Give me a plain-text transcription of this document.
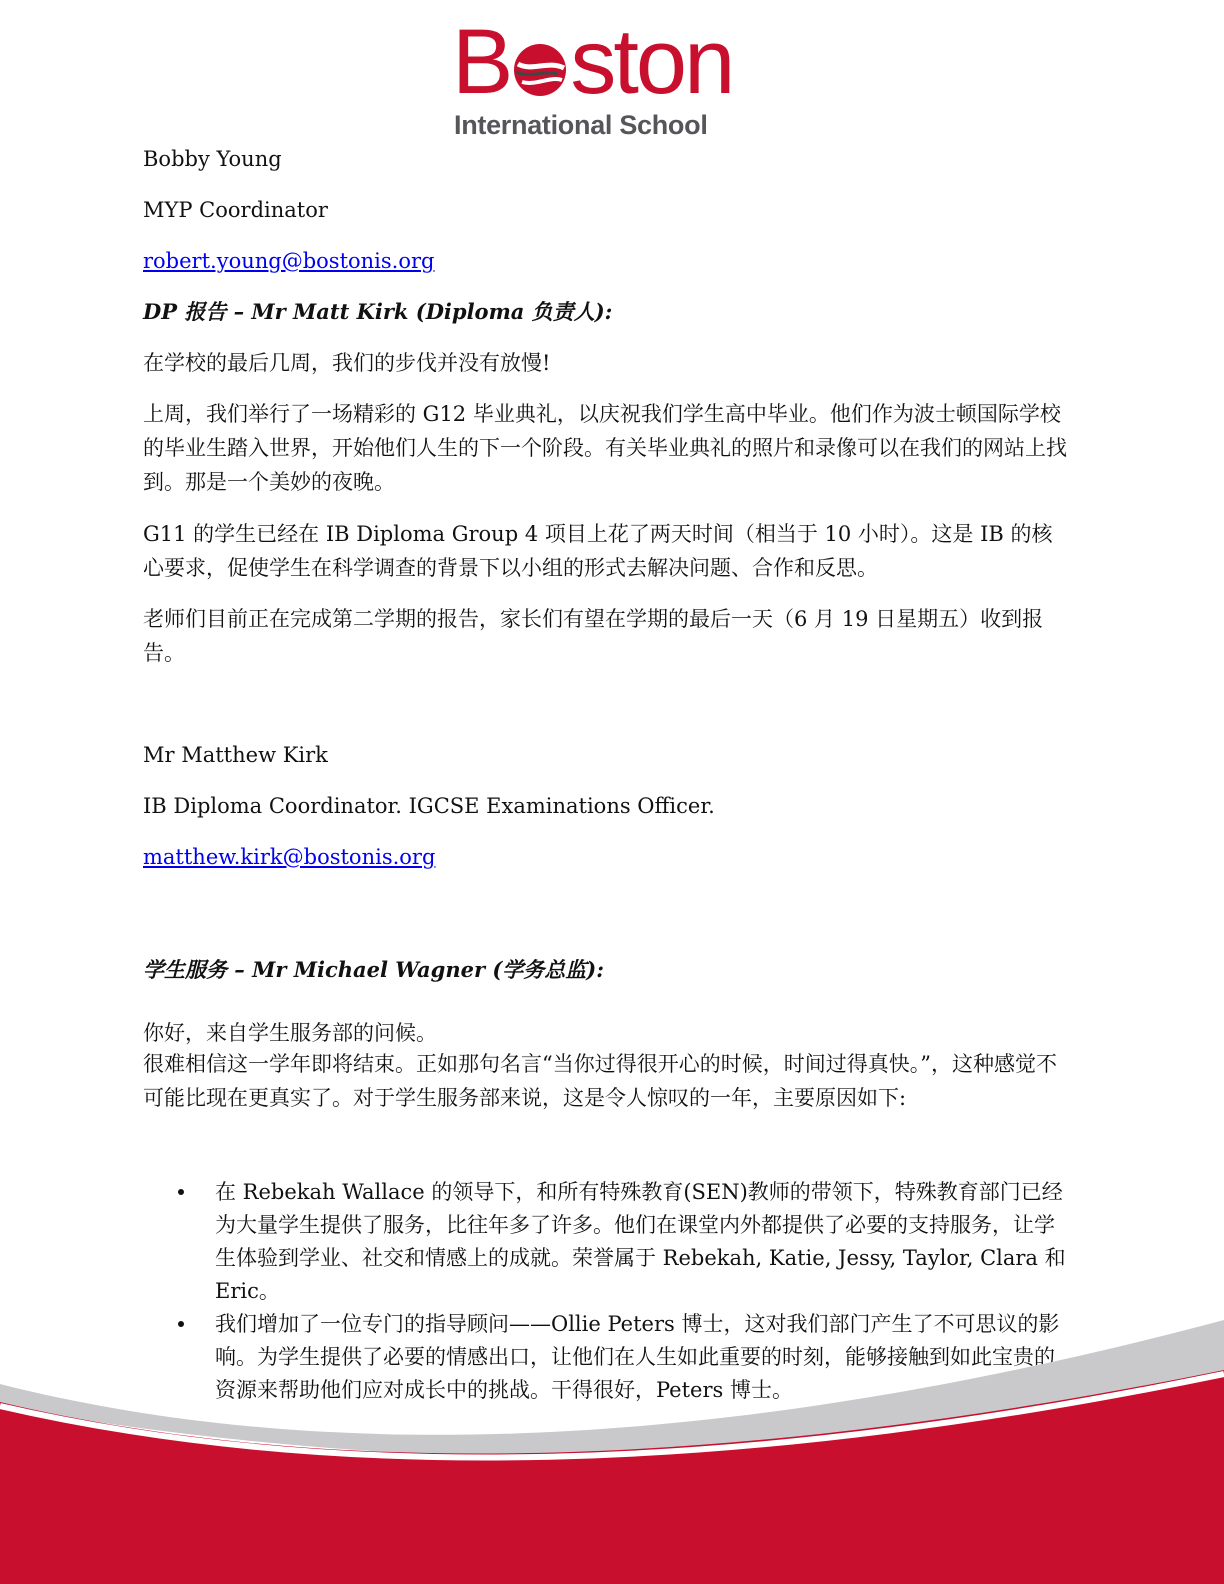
B ston
International School
Bobby Young
MYP Coordinator
robert.young@bostonis.org
DP 报告 – Mr Matt Kirk (Diploma 负责人):
在学校的最后几周，我们的步伐并没有放慢!
上周，我们举行了一场精彩的 G12 毕业典礼，以庆祝我们学生高中毕业。他们作为波士顿国际学校的毕业生踏入世界，开始他们人生的下一个阶段。有关毕业典礼的照片和录像可以在我们的网站上找到。那是一个美妙的夜晚。
G11 的学生已经在 IB Diploma Group 4 项目上花了两天时间（相当于 10 小时）。这是 IB 的核心要求，促使学生在科学调查的背景下以小组的形式去解决问题、合作和反思。
老师们目前正在完成第二学期的报告，家长们有望在学期的最后一天（6 月 19 日星期五）收到报告。
Mr Matthew Kirk
IB Diploma Coordinator. IGCSE Examinations Officer.
matthew.kirk@bostonis.org
学生服务 – Mr Michael Wagner (学务总监):
你好，来自学生服务部的问候。
很难相信这一学年即将结束。正如那句名言“当你过得很开心的时候，时间过得真快。”，这种感觉不可能比现在更真实了。对于学生服务部来说，这是令人惊叹的一年，主要原因如下:
在 Rebekah Wallace 的领导下，和所有特殊教育(SEN)教师的带领下，特殊教育部门已经为大量学生提供了服务，比往年多了许多。他们在课堂内外都提供了必要的支持服务，让学生体验到学业、社交和情感上的成就。荣誉属于 Rebekah, Katie, Jessy, Taylor, Clara 和 Eric。
我们增加了一位专门的指导顾问——Ollie Peters 博士，这对我们部门产生了不可思议的影响。为学生提供了必要的情感出口，让他们在人生如此重要的时刻，能够接触到如此宝贵的资源来帮助他们应对成长中的挑战。干得很好，Peters 博士。
